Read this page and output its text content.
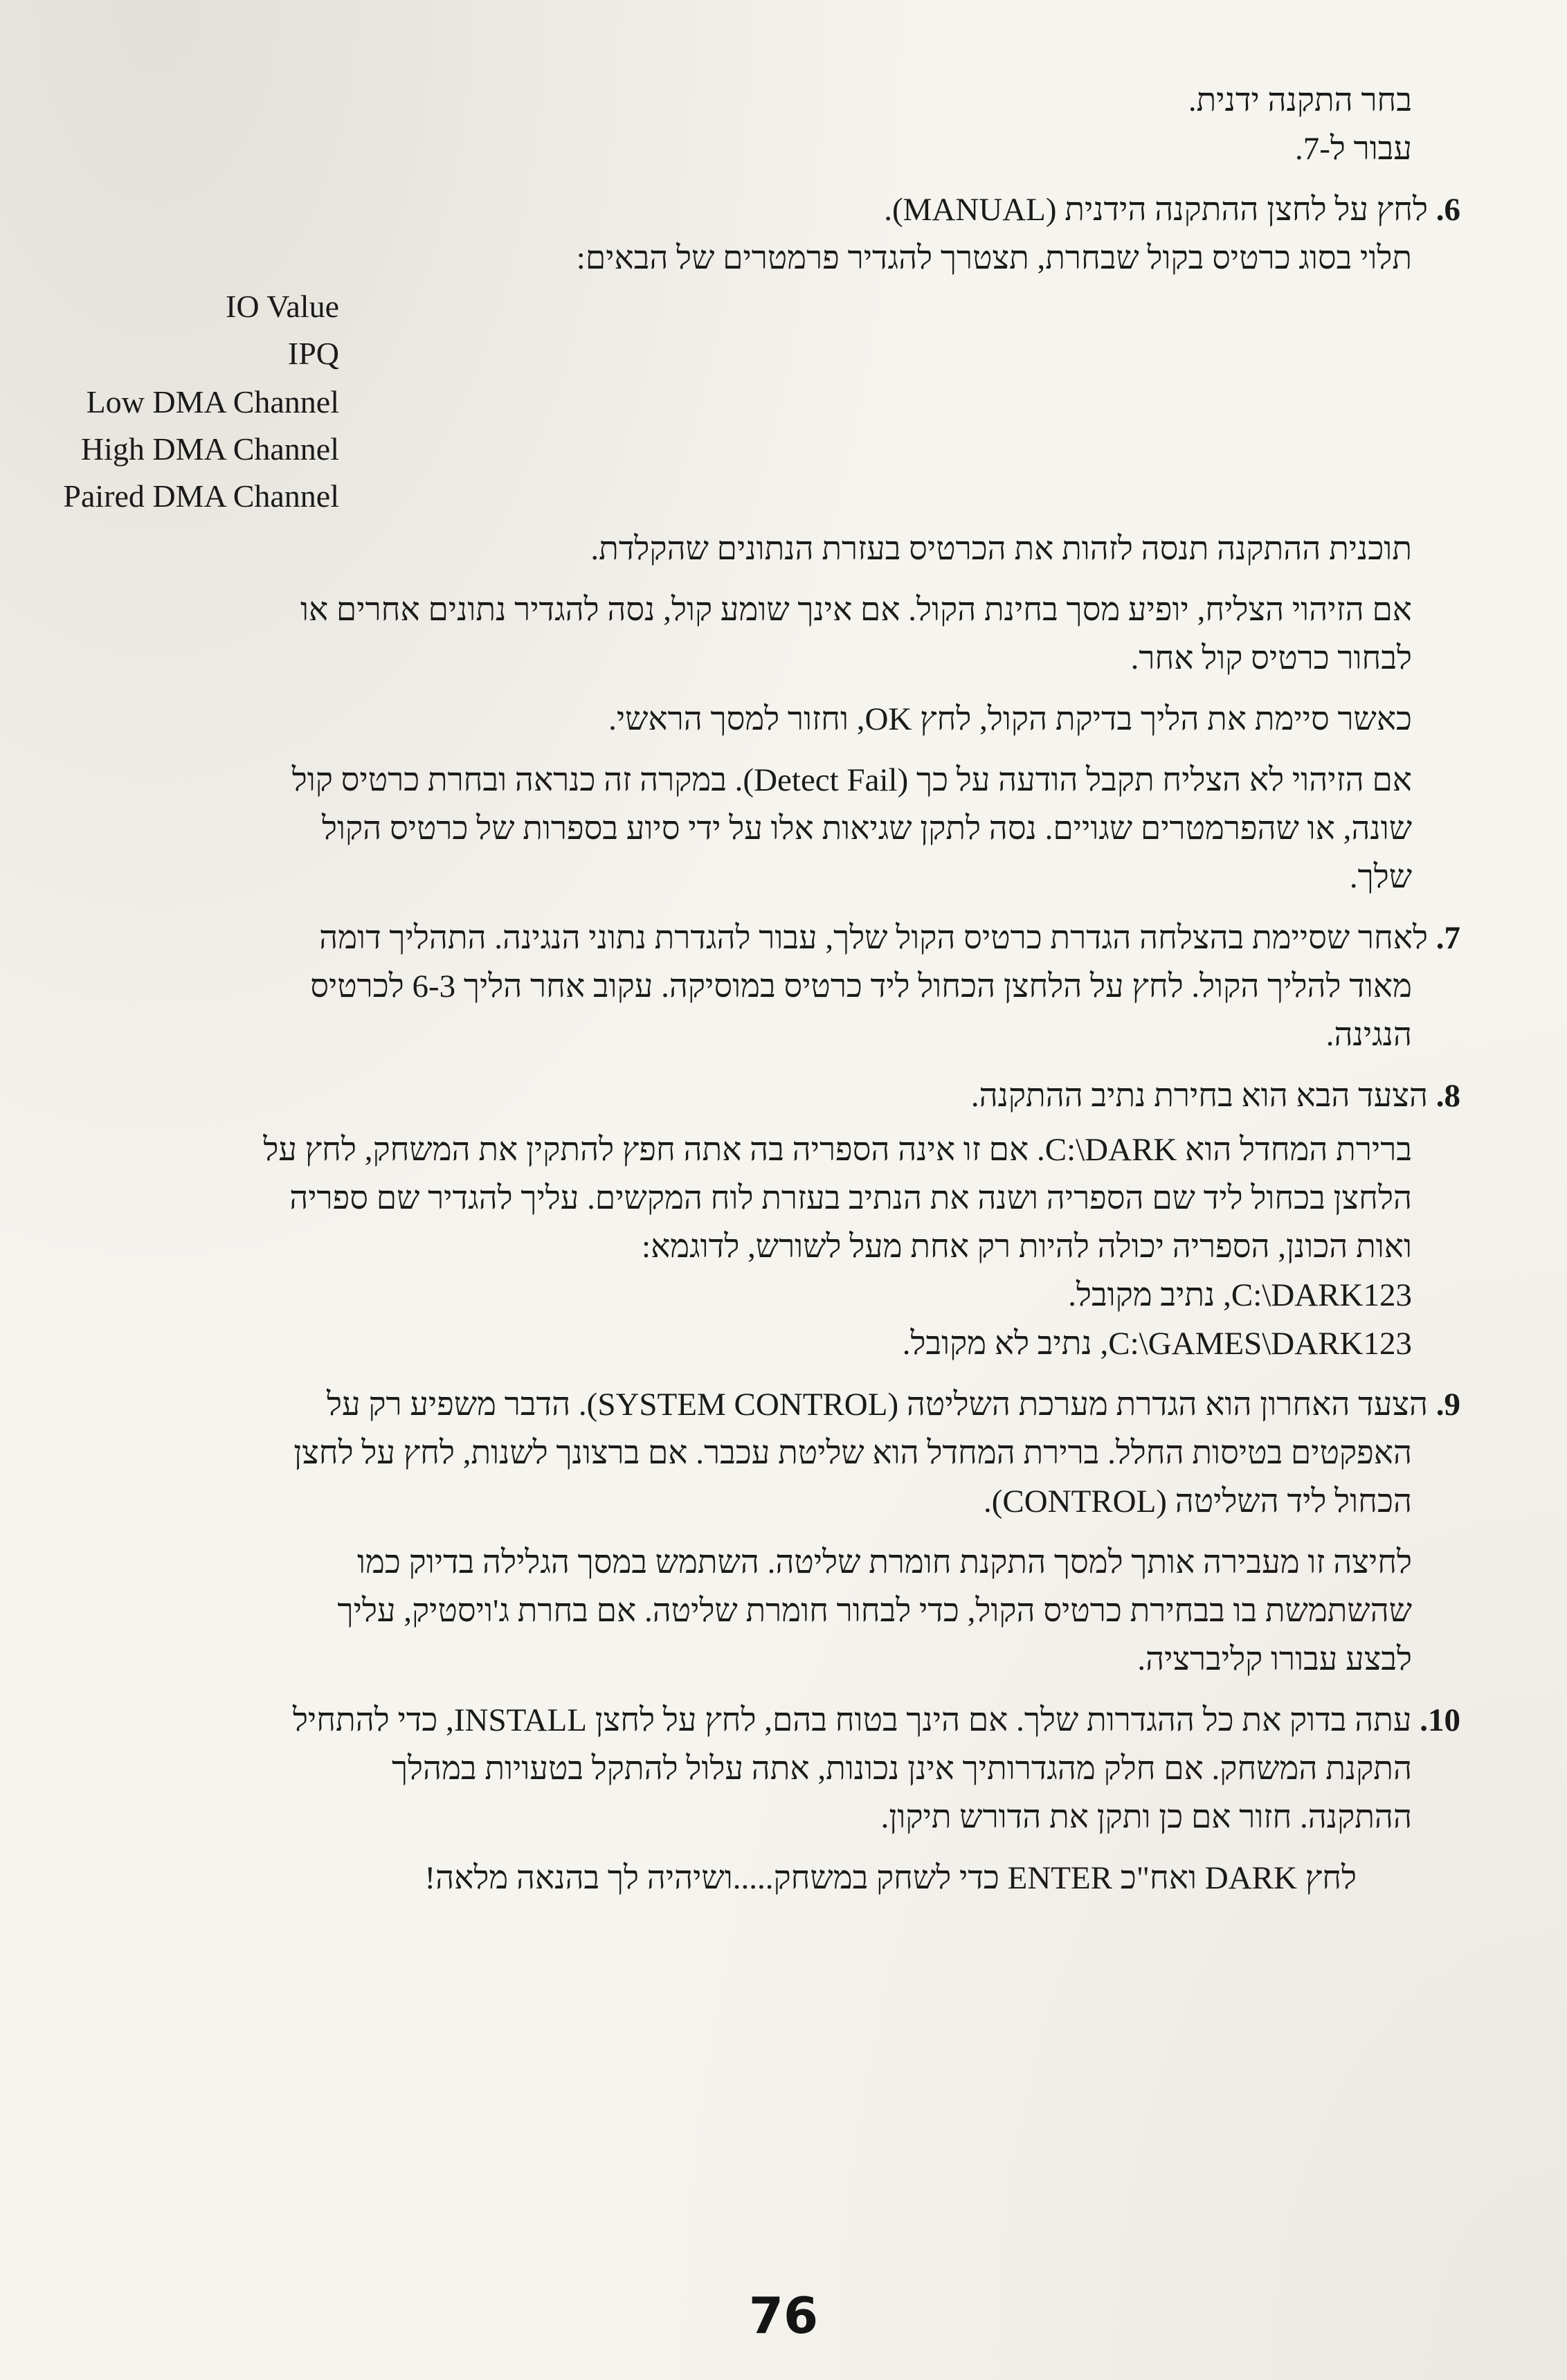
בחר התקנה ידנית.
עבור ל-7.
6. לחץ על לחצן ההתקנה הידנית (MANUAL).
תלוי בסוג כרטיס בקול שבחרת, תצטרך להגדיר פרמטרים של הבאים:
IO Value
IPQ
Low DMA Channel
High DMA Channel
Paired DMA Channel
תוכנית ההתקנה תנסה לזהות את הכרטיס בעזרת הנתונים שהקלדת.
אם הזיהוי הצליח, יופיע מסך בחינת הקול. אם אינך שומע קול, נסה להגדיר נתונים אחרים או
לבחור כרטיס קול אחר.
כאשר סיימת את הליך בדיקת הקול, לחץ OK, וחזור למסך הראשי.
אם הזיהוי לא הצליח תקבל הודעה על כך (Detect Fail). במקרה זה כנראה ובחרת כרטיס קול
שונה, או שהפרמטרים שגויים. נסה לתקן שגיאות אלו על ידי סיוע בספרות של כרטיס הקול
שלך.
7. לאחר שסיימת בהצלחה הגדרת כרטיס הקול שלך, עבור להגדרת נתוני הנגינה. התהליך דומה
מאוד להליך הקול. לחץ על הלחצן הכחול ליד כרטיס במוסיקה. עקוב אחר הליך 6-3 לכרטיס
הנגינה.
8. הצעד הבא הוא בחירת נתיב ההתקנה.
ברירת המחדל הוא C:\DARK. אם זו אינה הספריה בה אתה חפץ להתקין את המשחק, לחץ על
הלחצן בכחול ליד שם הספריה ושנה את הנתיב בעזרת לוח המקשים. עליך להגדיר שם ספריה
ואות הכונן, הספריה יכולה להיות רק אחת מעל לשורש, לדוגמא:
C:\DARK123, נתיב מקובל.
C:\GAMES\DARK123, נתיב לא מקובל.
9. הצעד האחרון הוא הגדרת מערכת השליטה (SYSTEM CONTROL). הדבר משפיע רק על
האפקטים בטיסות החלל. ברירת המחדל הוא שליטת עכבר. אם ברצונך לשנות, לחץ על לחצן
הכחול ליד השליטה (CONTROL).
לחיצה זו מעבירה אותך למסך התקנת חומרת שליטה. השתמש במסך הגלילה בדיוק כמו
שהשתמשת בו בבחירת כרטיס הקול, כדי לבחור חומרת שליטה. אם בחרת ג'ויסטיק, עליך
לבצע עבורו קליברציה.
10. עתה בדוק את כל ההגדרות שלך. אם הינך בטוח בהם, לחץ על לחצן INSTALL, כדי להתחיל
התקנת המשחק. אם חלק מהגדרותיך אינן נכונות, אתה עלול להתקל בטעויות במהלך
ההתקנה. חזור אם כן ותקן את הדורש תיקון.
לחץ DARK ואח"כ ENTER כדי לשחק במשחק.....ושיהיה לך בהנאה מלאה!
76
